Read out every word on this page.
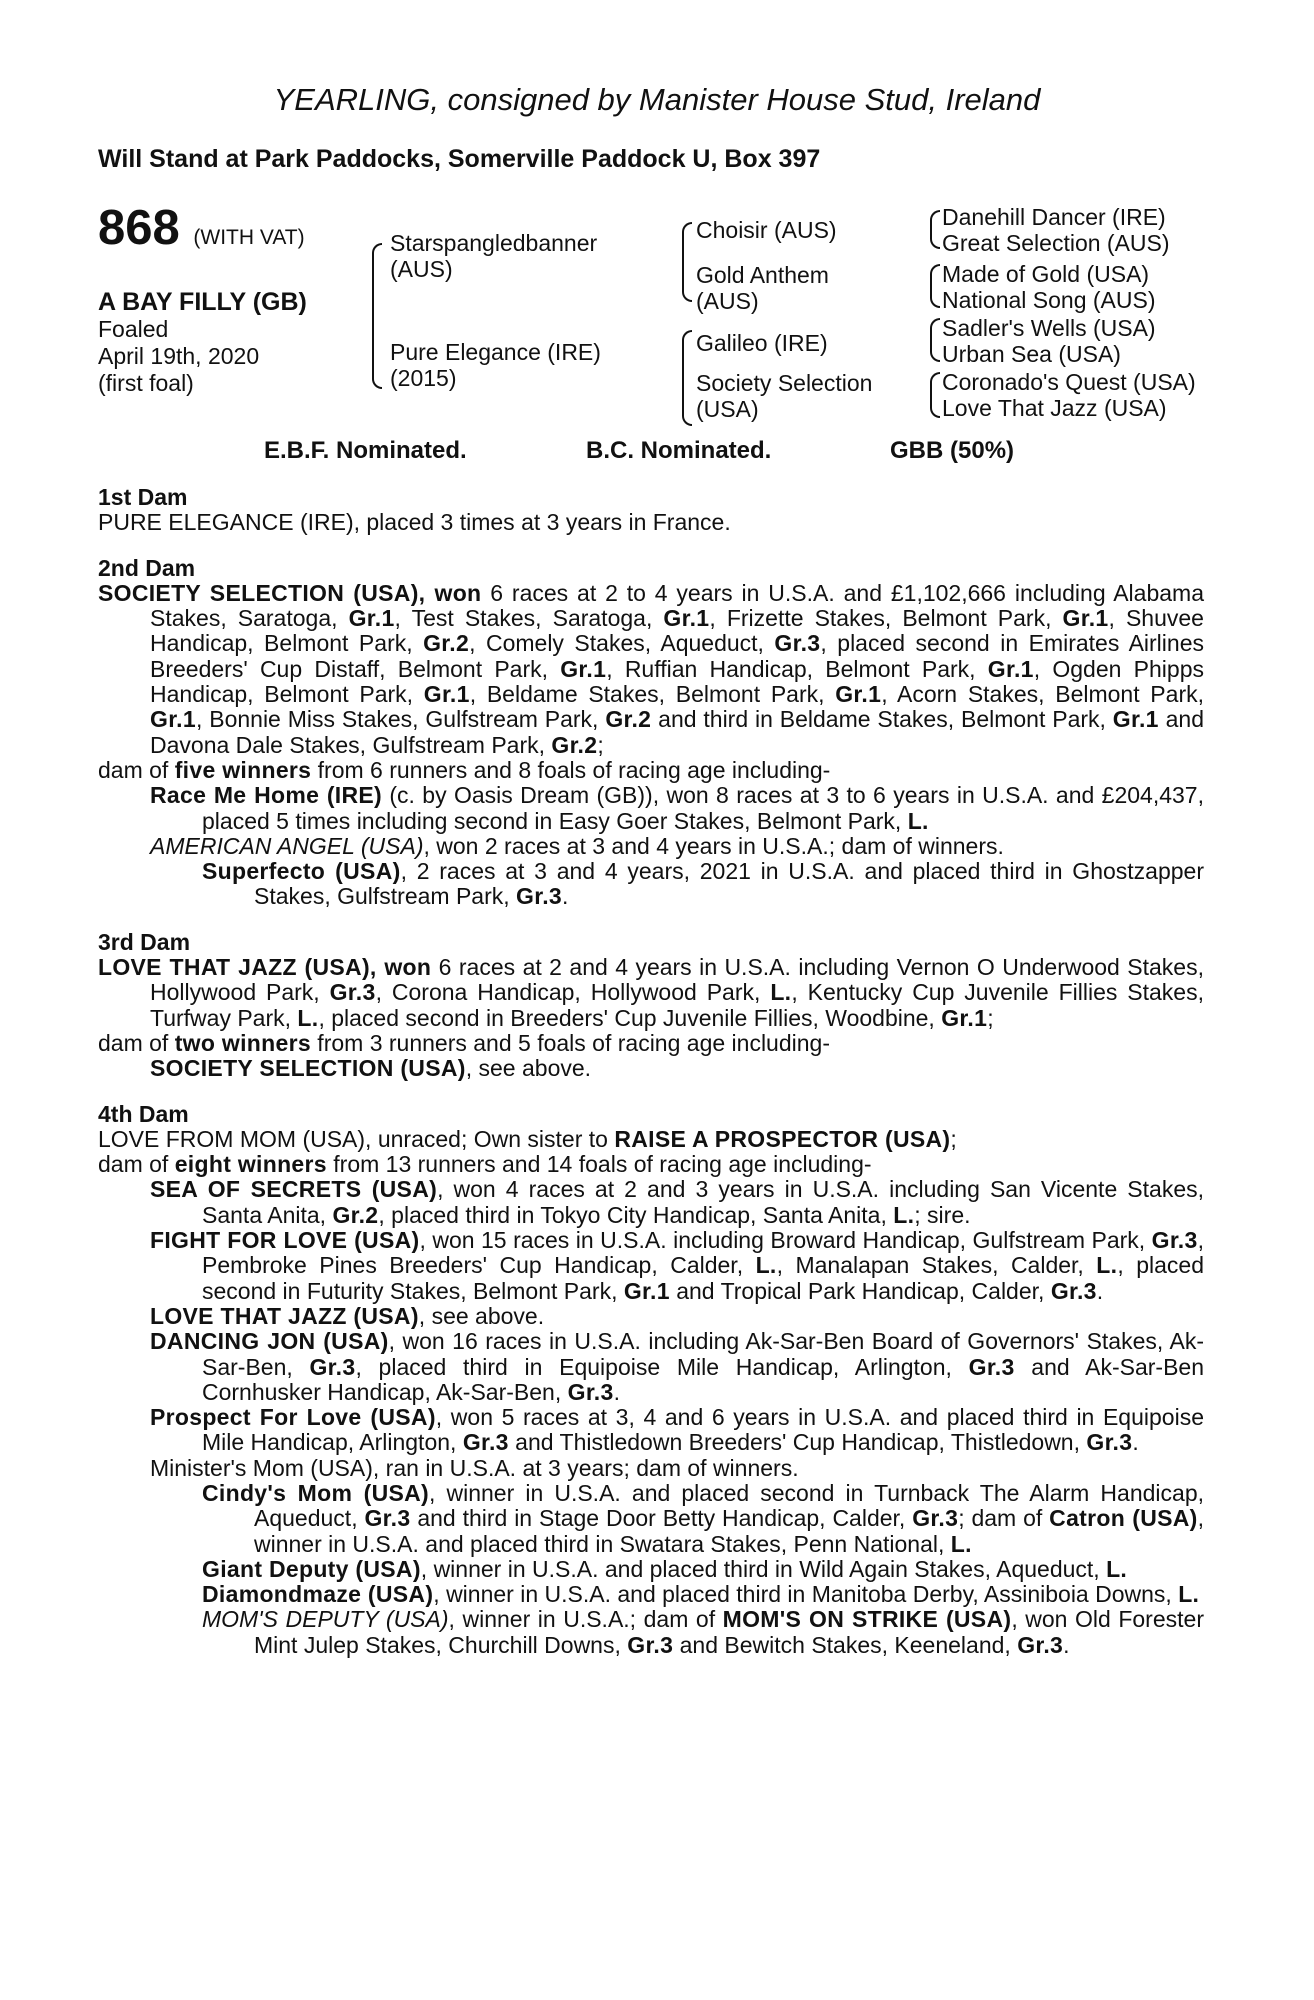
YEARLING, consigned by Manister House Stud, Ireland
Will Stand at Park Paddocks, Somerville Paddock U, Box 397
868 (WITH VAT)
A BAY FILLY (GB)
Foaled
April 19th, 2020
(first foal)
Starspangledbanner
(AUS)
Pure Elegance (IRE)
(2015)
Choisir (AUS)
Gold Anthem
(AUS)
Galileo (IRE)
Society Selection
(USA)
Danehill Dancer (IRE)
Great Selection (AUS)
Made of Gold (USA)
National Song (AUS)
Sadler's Wells (USA)
Urban Sea (USA)
Coronado's Quest (USA)
Love That Jazz (USA)
E.B.F. Nominated.	B.C. Nominated.	GBB (50%)
1st Dam
PURE ELEGANCE (IRE), placed 3 times at 3 years in France.
2nd Dam
SOCIETY SELECTION (USA), won 6 races at 2 to 4 years in U.S.A. and £1,102,666 including Alabama Stakes, Saratoga, Gr.1, Test Stakes, Saratoga, Gr.1, Frizette Stakes, Belmont Park, Gr.1, Shuvee Handicap, Belmont Park, Gr.2, Comely Stakes, Aqueduct, Gr.3, placed second in Emirates Airlines Breeders' Cup Distaff, Belmont Park, Gr.1, Ruffian Handicap, Belmont Park, Gr.1, Ogden Phipps Handicap, Belmont Park, Gr.1, Beldame Stakes, Belmont Park, Gr.1, Acorn Stakes, Belmont Park, Gr.1, Bonnie Miss Stakes, Gulfstream Park, Gr.2 and third in Beldame Stakes, Belmont Park, Gr.1 and Davona Dale Stakes, Gulfstream Park, Gr.2;
dam of five winners from 6 runners and 8 foals of racing age including-
Race Me Home (IRE) (c. by Oasis Dream (GB)), won 8 races at 3 to 6 years in U.S.A. and £204,437, placed 5 times including second in Easy Goer Stakes, Belmont Park, L.
AMERICAN ANGEL (USA), won 2 races at 3 and 4 years in U.S.A.; dam of winners.
Superfecto (USA), 2 races at 3 and 4 years, 2021 in U.S.A. and placed third in Ghostzapper Stakes, Gulfstream Park, Gr.3.
3rd Dam
LOVE THAT JAZZ (USA), won 6 races at 2 and 4 years in U.S.A. including Vernon O Underwood Stakes, Hollywood Park, Gr.3, Corona Handicap, Hollywood Park, L., Kentucky Cup Juvenile Fillies Stakes, Turfway Park, L., placed second in Breeders' Cup Juvenile Fillies, Woodbine, Gr.1;
dam of two winners from 3 runners and 5 foals of racing age including-
SOCIETY SELECTION (USA), see above.
4th Dam
LOVE FROM MOM (USA), unraced; Own sister to RAISE A PROSPECTOR (USA);
dam of eight winners from 13 runners and 14 foals of racing age including-
SEA OF SECRETS (USA), won 4 races at 2 and 3 years in U.S.A. including San Vicente Stakes, Santa Anita, Gr.2, placed third in Tokyo City Handicap, Santa Anita, L.; sire.
FIGHT FOR LOVE (USA), won 15 races in U.S.A. including Broward Handicap, Gulfstream Park, Gr.3, Pembroke Pines Breeders' Cup Handicap, Calder, L., Manalapan Stakes, Calder, L., placed second in Futurity Stakes, Belmont Park, Gr.1 and Tropical Park Handicap, Calder, Gr.3.
LOVE THAT JAZZ (USA), see above.
DANCING JON (USA), won 16 races in U.S.A. including Ak-Sar-Ben Board of Governors' Stakes, Ak-Sar-Ben, Gr.3, placed third in Equipoise Mile Handicap, Arlington, Gr.3 and Ak-Sar-Ben Cornhusker Handicap, Ak-Sar-Ben, Gr.3.
Prospect For Love (USA), won 5 races at 3, 4 and 6 years in U.S.A. and placed third in Equipoise Mile Handicap, Arlington, Gr.3 and Thistledown Breeders' Cup Handicap, Thistledown, Gr.3.
Minister's Mom (USA), ran in U.S.A. at 3 years; dam of winners.
Cindy's Mom (USA), winner in U.S.A. and placed second in Turnback The Alarm Handicap, Aqueduct, Gr.3 and third in Stage Door Betty Handicap, Calder, Gr.3; dam of Catron (USA), winner in U.S.A. and placed third in Swatara Stakes, Penn National, L.
Giant Deputy (USA), winner in U.S.A. and placed third in Wild Again Stakes, Aqueduct, L.
Diamondmaze (USA), winner in U.S.A. and placed third in Manitoba Derby, Assiniboia Downs, L.
MOM'S DEPUTY (USA), winner in U.S.A.; dam of MOM'S ON STRIKE (USA), won Old Forester Mint Julep Stakes, Churchill Downs, Gr.3 and Bewitch Stakes, Keeneland, Gr.3.
